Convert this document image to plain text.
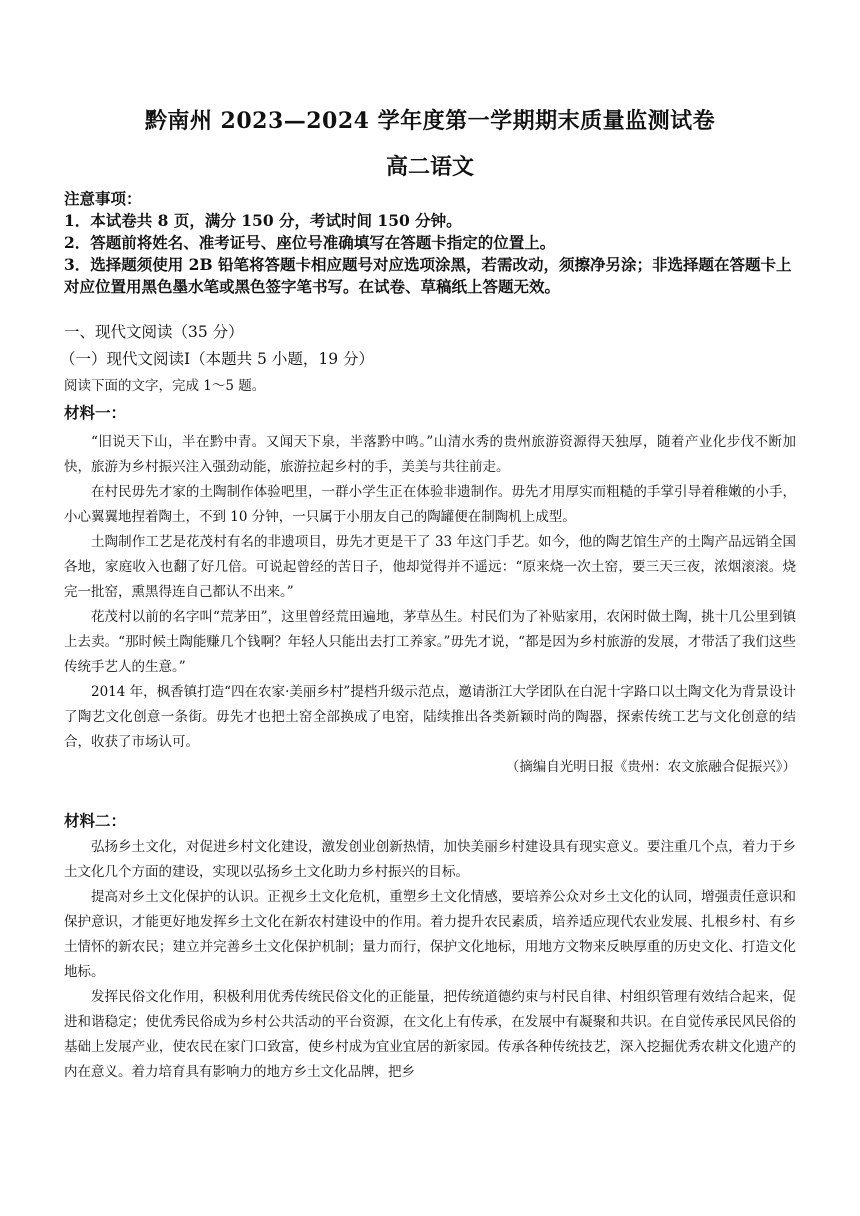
黔南州 2023—2024 学年度第一学期期末质量监测试卷
高二语文
注意事项：
1．本试卷共 8 页，满分 150 分，考试时间 150 分钟。
2．答题前将姓名、准考证号、座位号准确填写在答题卡指定的位置上。
3．选择题须使用 2B 铅笔将答题卡相应题号对应选项涂黑，若需改动，须擦净另涂；非选择题在答题卡上对应位置用黑色墨水笔或黑色签字笔书写。在试卷、草稿纸上答题无效。
一、现代文阅读（35 分）
（一）现代文阅读Ⅰ（本题共 5 小题，19 分）
阅读下面的文字，完成 1～5 题。
材料一：

“旧说天下山，半在黔中青。又闻天下泉，半落黔中鸣。”山清水秀的贵州旅游资源得天独厚，随着产业化步伐不断加快，旅游为乡村振兴注入强劲动能，旅游拉起乡村的手，美美与共往前走。

在村民毋先才家的土陶制作体验吧里，一群小学生正在体验非遗制作。毋先才用厚实而粗糙的手掌引导着稚嫩的小手，小心翼翼地捏着陶土，不到 10 分钟，一只属于小朋友自己的陶罐便在制陶机上成型。

土陶制作工艺是花茂村有名的非遗项目，毋先才更是干了 33 年这门手艺。如今，他的陶艺馆生产的土陶产品远销全国各地，家庭收入也翻了好几倍。可说起曾经的苦日子，他却觉得并不遥远：“原来烧一次土窑，要三天三夜，浓烟滚滚。烧完一批窑，熏黑得连自己都认不出来。”

花茂村以前的名字叫“荒茅田”，这里曾经荒田遍地，茅草丛生。村民们为了补贴家用，农闲时做土陶，挑十几公里到镇上去卖。“那时候土陶能赚几个钱啊？年轻人只能出去打工养家。”毋先才说，“都是因为乡村旅游的发展，才带活了我们这些传统手艺人的生意。”

2014 年，枫香镇打造“四在农家·美丽乡村”提档升级示范点，邀请浙江大学团队在白泥十字路口以土陶文化为背景设计了陶艺文化创意一条街。毋先才也把土窑全部换成了电窑，陆续推出各类新颖时尚的陶器，探索传统工艺与文化创意的结合，收获了市场认可。

（摘编自光明日报《贵州：农文旅融合促振兴》）

材料二：

弘扬乡土文化，对促进乡村文化建设，激发创业创新热情，加快美丽乡村建设具有现实意义。要注重几个点，着力于乡土文化几个方面的建设，实现以弘扬乡土文化助力乡村振兴的目标。

提高对乡土文化保护的认识。正视乡土文化危机，重塑乡土文化情感，要培养公众对乡土文化的认同，增强责任意识和保护意识，才能更好地发挥乡土文化在新农村建设中的作用。着力提升农民素质，培养适应现代农业发展、扎根乡村、有乡土情怀的新农民；建立并完善乡土文化保护机制；量力而行，保护文化地标，用地方文物来反映厚重的历史文化、打造文化地标。

发挥民俗文化作用，积极利用优秀传统民俗文化的正能量，把传统道德约束与村民自律、村组织管理有效结合起来，促进和谐稳定；使优秀民俗成为乡村公共活动的平台资源，在文化上有传承，在发展中有凝聚和共识。在自觉传承民风民俗的基础上发展产业，使农民在家门口致富，使乡村成为宜业宜居的新家园。传承各种传统技艺，深入挖掘优秀农耕文化遗产的内在意义。着力培育具有影响力的地方乡土文化品牌，把乡
